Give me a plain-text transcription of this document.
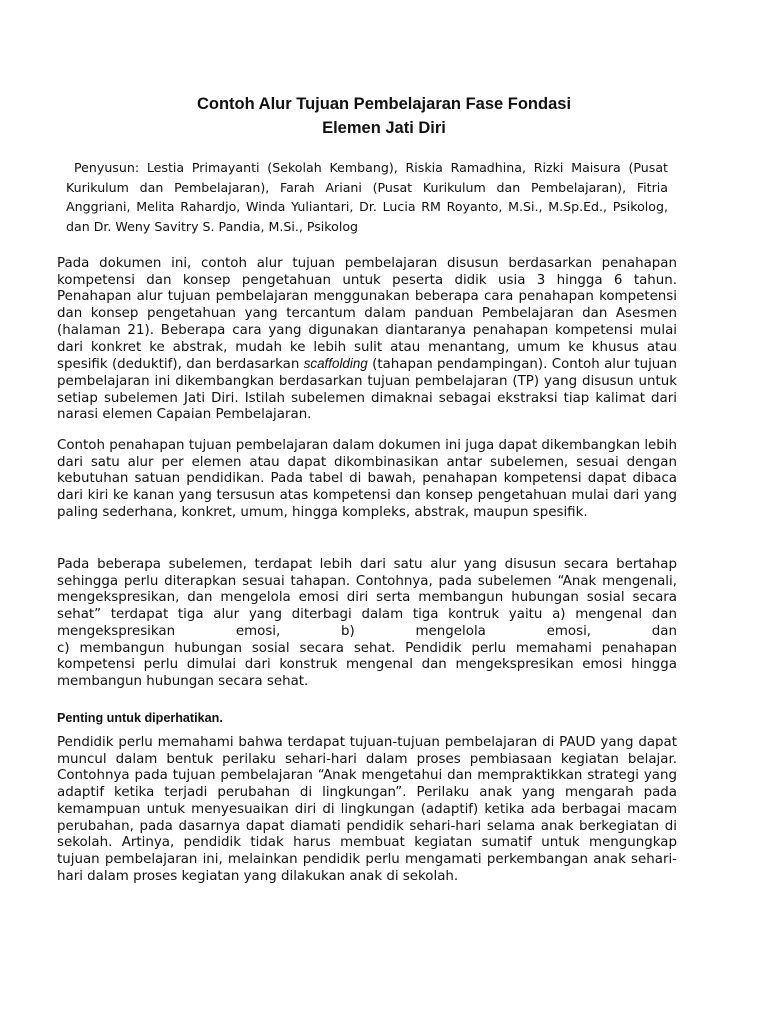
Contoh Alur Tujuan Pembelajaran Fase Fondasi
Elemen Jati Diri
Penyusun: Lestia Primayanti (Sekolah Kembang), Riskia Ramadhina, Rizki Maisura (Pusat Kurikulum dan Pembelajaran), Farah Ariani (Pusat Kurikulum dan Pembelajaran), Fitria Anggriani, Melita Rahardjo, Winda Yuliantari, Dr. Lucia RM Royanto, M.Si., M.Sp.Ed., Psikolog, dan Dr. Weny Savitry S. Pandia, M.Si., Psikolog

Pada dokumen ini, contoh alur tujuan pembelajaran disusun berdasarkan penahapan kompetensi dan konsep pengetahuan untuk peserta didik usia 3 hingga 6 tahun. Penahapan alur tujuan pembelajaran menggunakan beberapa cara penahapan kompetensi dan konsep pengetahuan yang tercantum dalam panduan Pembelajaran dan Asesmen (halaman 21). Beberapa cara yang digunakan diantaranya penahapan kompetensi mulai dari konkret ke abstrak, mudah ke lebih sulit atau menantang, umum ke khusus atau spesifik (deduktif), dan berdasarkan scaffolding (tahapan pendampingan). Contoh alur tujuan pembelajaran ini dikembangkan berdasarkan tujuan pembelajaran (TP) yang disusun untuk setiap subelemen Jati Diri. Istilah subelemen dimaknai sebagai ekstraksi tiap kalimat dari narasi elemen Capaian Pembelajaran.

Contoh penahapan tujuan pembelajaran dalam dokumen ini juga dapat dikembangkan lebih dari satu alur per elemen atau dapat dikombinasikan antar subelemen, sesuai dengan kebutuhan satuan pendidikan. Pada tabel di bawah, penahapan kompetensi dapat dibaca dari kiri ke kanan yang tersusun atas kompetensi dan konsep pengetahuan mulai dari yang paling sederhana, konkret, umum, hingga kompleks, abstrak, maupun spesifik.

Pada beberapa subelemen, terdapat lebih dari satu alur yang disusun secara bertahap sehingga perlu diterapkan sesuai tahapan. Contohnya, pada subelemen “Anak mengenali, mengekspresikan, dan mengelola emosi diri serta membangun hubungan sosial secara sehat” terdapat tiga alur yang diterbagi dalam tiga kontruk yaitu a) mengenal dan mengekspresikan emosi, b) mengelola emosi, dan
c) membangun hubungan sosial secara sehat. Pendidik perlu memahami penahapan kompetensi perlu dimulai dari konstruk mengenal dan mengekspresikan emosi hingga membangun hubungan secara sehat.

Penting untuk diperhatikan.

Pendidik perlu memahami bahwa terdapat tujuan-tujuan pembelajaran di PAUD yang dapat muncul dalam bentuk perilaku sehari-hari dalam proses pembiasaan kegiatan belajar. Contohnya pada tujuan pembelajaran “Anak mengetahui dan mempraktikkan strategi yang adaptif ketika terjadi perubahan di lingkungan”. Perilaku anak yang mengarah pada kemampuan untuk menyesuaikan diri di lingkungan (adaptif) ketika ada berbagai macam perubahan, pada dasarnya dapat diamati pendidik sehari-hari selama anak berkegiatan di sekolah. Artinya, pendidik tidak harus membuat kegiatan sumatif untuk mengungkap tujuan pembelajaran ini, melainkan pendidik perlu mengamati perkembangan anak sehari-hari dalam proses kegiatan yang dilakukan anak di sekolah.
